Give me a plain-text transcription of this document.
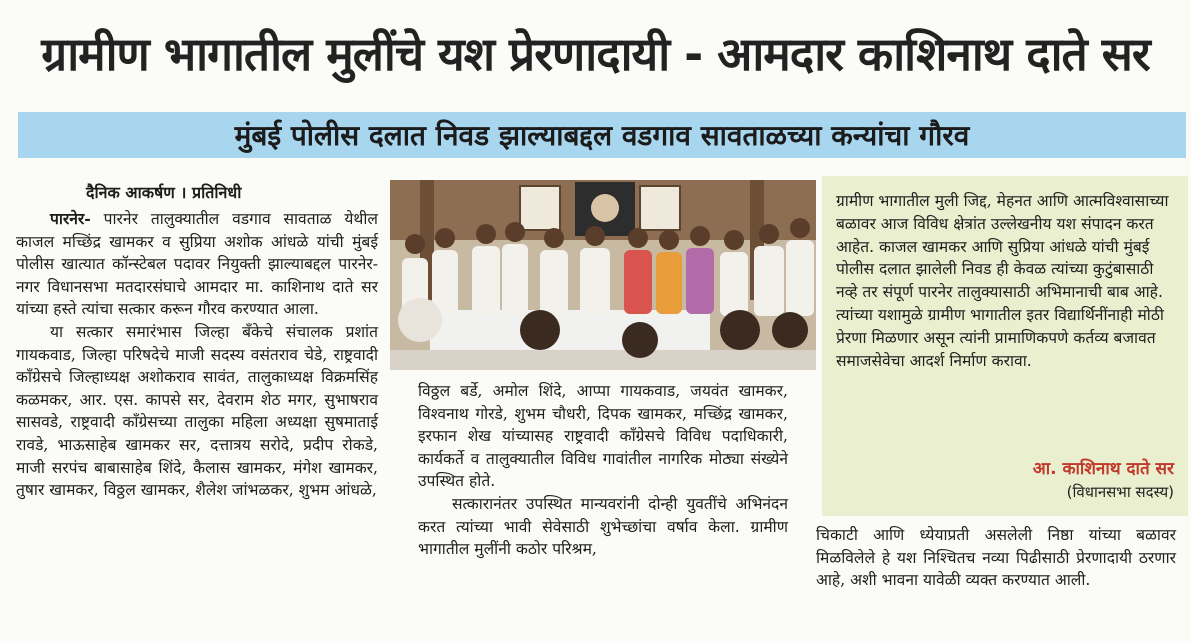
ग्रामीण भागातील मुलींचे यश प्रेरणादायी - आमदार काशिनाथ दाते सर
मुंबई पोलीस दलात निवड झाल्याबद्दल वडगाव सावताळच्या कन्यांचा गौरव
दैनिक आकर्षण । प्रतिनिधी

पारनेर- पारनेर तालुक्यातील वडगाव सावताळ येथील काजल मच्छिंद्र खामकर व सुप्रिया अशोक आंधळे यांची मुंबई पोलीस खात्यात कॉन्स्टेबल पदावर नियुक्ती झाल्याबद्दल पारनेर-नगर विधानसभा मतदारसंघाचे आमदार मा. काशिनाथ दाते सर यांच्या हस्ते त्यांचा सत्कार करून गौरव करण्यात आला.

या सत्कार समारंभास जिल्हा बँकेचे संचालक प्रशांत गायकवाड, जिल्हा परिषदेचे माजी सदस्य वसंतराव चेडे, राष्ट्रवादी काँग्रेसचे जिल्हाध्यक्ष अशोकराव सावंत, तालुकाध्यक्ष विक्रमसिंह कळमकर, आर. एस. कापसे सर, देवराम शेठ मगर, सुभाषराव सासवडे, राष्ट्रवादी काँग्रेसच्या तालुका महिला अध्यक्षा सुषमाताई रावडे, भाऊसाहेब खामकर सर, दत्तात्रय सरोदे, प्रदीप रोकडे, माजी सरपंच बाबासाहेब शिंदे, कैलास खामकर, मंगेश खामकर, तुषार खामकर, विठ्ठल खामकर, शैलेश जांभळकर, शुभम आंधळे,

विठ्ठल बर्डे, अमोल शिंदे, आप्पा गायकवाड, जयवंत खामकर, विश्वनाथ गोरडे, शुभम चौधरी, दिपक खामकर, मच्छिंद्र खामकर, इरफान शेख यांच्यासह राष्ट्रवादी काँग्रेसचे विविध पदाधिकारी, कार्यकर्ते व तालुक्यातील विविध गावांतील नागरिक मोठ्या संख्येने उपस्थित होते.

सत्कारानंतर उपस्थित मान्यवरांनी दोन्ही युवतींचे अभिनंदन करत त्यांच्या भावी सेवेसाठी शुभेच्छांचा वर्षाव केला. ग्रामीण भागातील मुलींनी कठोर परिश्रम,

ग्रामीण भागातील मुली जिद्द, मेहनत आणि आत्मविश्वासाच्या बळावर आज विविध क्षेत्रांत उल्लेखनीय यश संपादन करत आहेत. काजल खामकर आणि सुप्रिया आंधळे यांची मुंबई पोलीस दलात झालेली निवड ही केवळ त्यांच्या कुटुंबासाठी नव्हे तर संपूर्ण पारनेर तालुक्यासाठी अभिमानाची बाब आहे. त्यांच्या यशामुळे ग्रामीण भागातील इतर विद्यार्थिनींनाही मोठी प्रेरणा मिळणार असून त्यांनी प्रामाणिकपणे कर्तव्य बजावत समाजसेवेचा आदर्श निर्माण करावा.
आ. काशिनाथ दाते सर
(विधानसभा सदस्य)

चिकाटी आणि ध्येयाप्रती असलेली निष्ठा यांच्या बळावर मिळविलेले हे यश निश्चितच नव्या पिढीसाठी प्रेरणादायी ठरणार आहे, अशी भावना यावेळी व्यक्त करण्यात आली.
